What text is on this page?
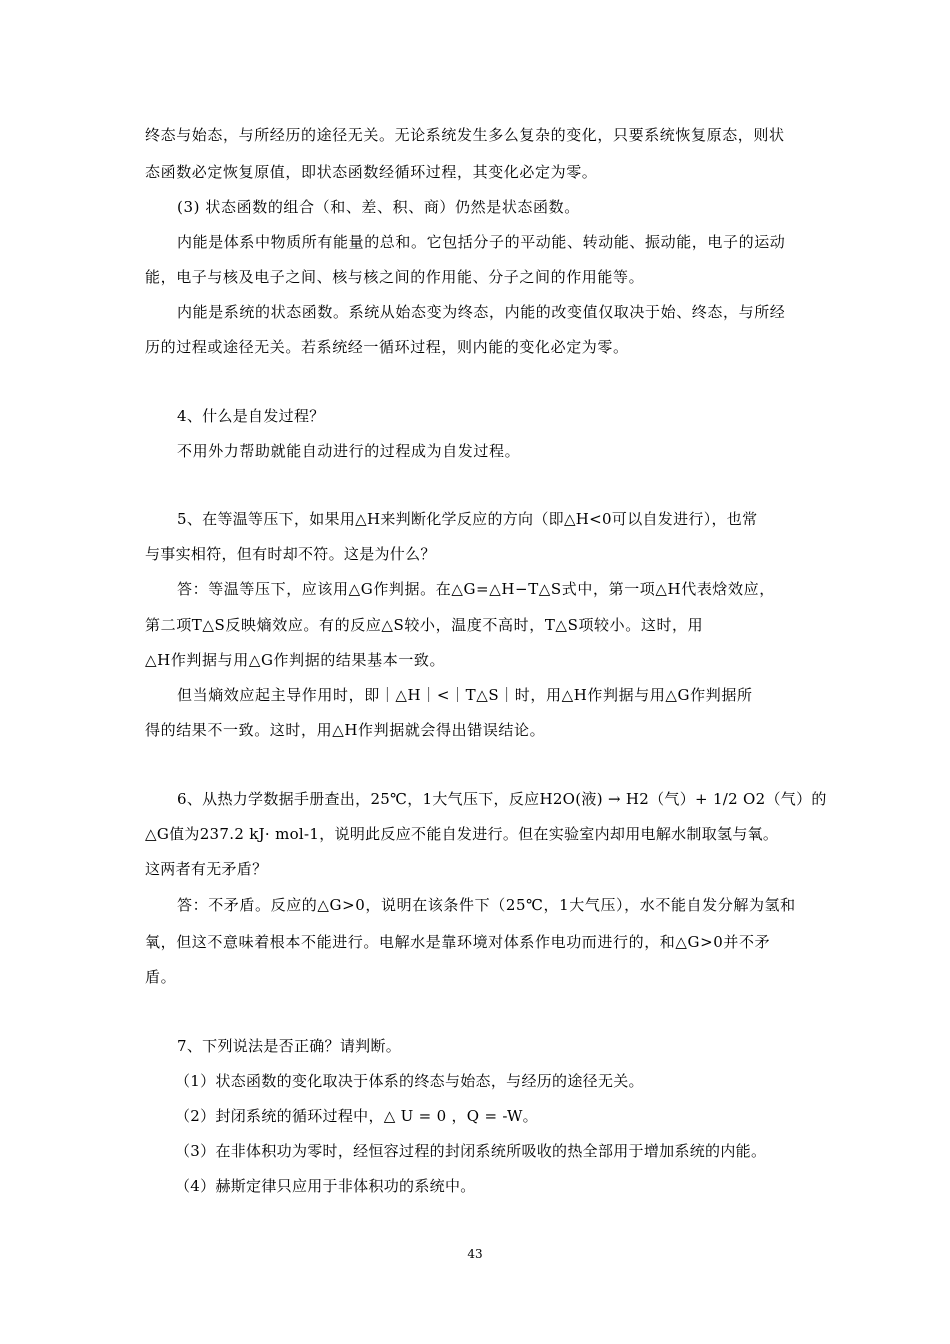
终态与始态，与所经历的途径无关。无论系统发生多么复杂的变化，只要系统恢复原态，则状
态函数必定恢复原值，即状态函数经循环过程，其变化必定为零。
(3) 状态函数的组合（和、差、积、商）仍然是状态函数。
内能是体系中物质所有能量的总和。它包括分子的平动能、转动能、振动能，电子的运动
能，电子与核及电子之间、核与核之间的作用能、分子之间的作用能等。
内能是系统的状态函数。系统从始态变为终态，内能的改变值仅取决于始、终态，与所经
历的过程或途径无关。若系统经一循环过程，则内能的变化必定为零。
4、什么是自发过程？
不用外力帮助就能自动进行的过程成为自发过程。
5、在等温等压下，如果用△H来判断化学反应的方向（即△H<0可以自发进行），也常
与事实相符，但有时却不符。这是为什么？
答：等温等压下，应该用△G作判据。在△G=△H−T△S式中，第一项△H代表焓效应，
第二项T△S反映熵效应。有的反应△S较小，温度不高时，T△S项较小。这时，用
△H作判据与用△G作判据的结果基本一致。
但当熵效应起主导作用时，即｜△H｜<｜T△S｜时，用△H作判据与用△G作判据所
得的结果不一致。这时，用△H作判据就会得出错误结论。
6、从热力学数据手册查出，25℃，1大气压下，反应H2O(液) → H2（气）+ 1/2 O2（气）的
△G值为237.2 kJ· mol-1，说明此反应不能自发进行。但在实验室内却用电解水制取氢与氧。
这两者有无矛盾？
答：不矛盾。反应的△G>0，说明在该条件下（25℃，1大气压），水不能自发分解为氢和
氧，但这不意味着根本不能进行。电解水是靠环境对体系作电功而进行的，和△G>0并不矛
盾。
7、下列说法是否正确？请判断。
（1）状态函数的变化取决于体系的终态与始态，与经历的途径无关。
（2）封闭系统的循环过程中，△ U = 0 ，Q = -W。
（3）在非体积功为零时，经恒容过程的封闭系统所吸收的热全部用于增加系统的内能。
（4）赫斯定律只应用于非体积功的系统中。
43
